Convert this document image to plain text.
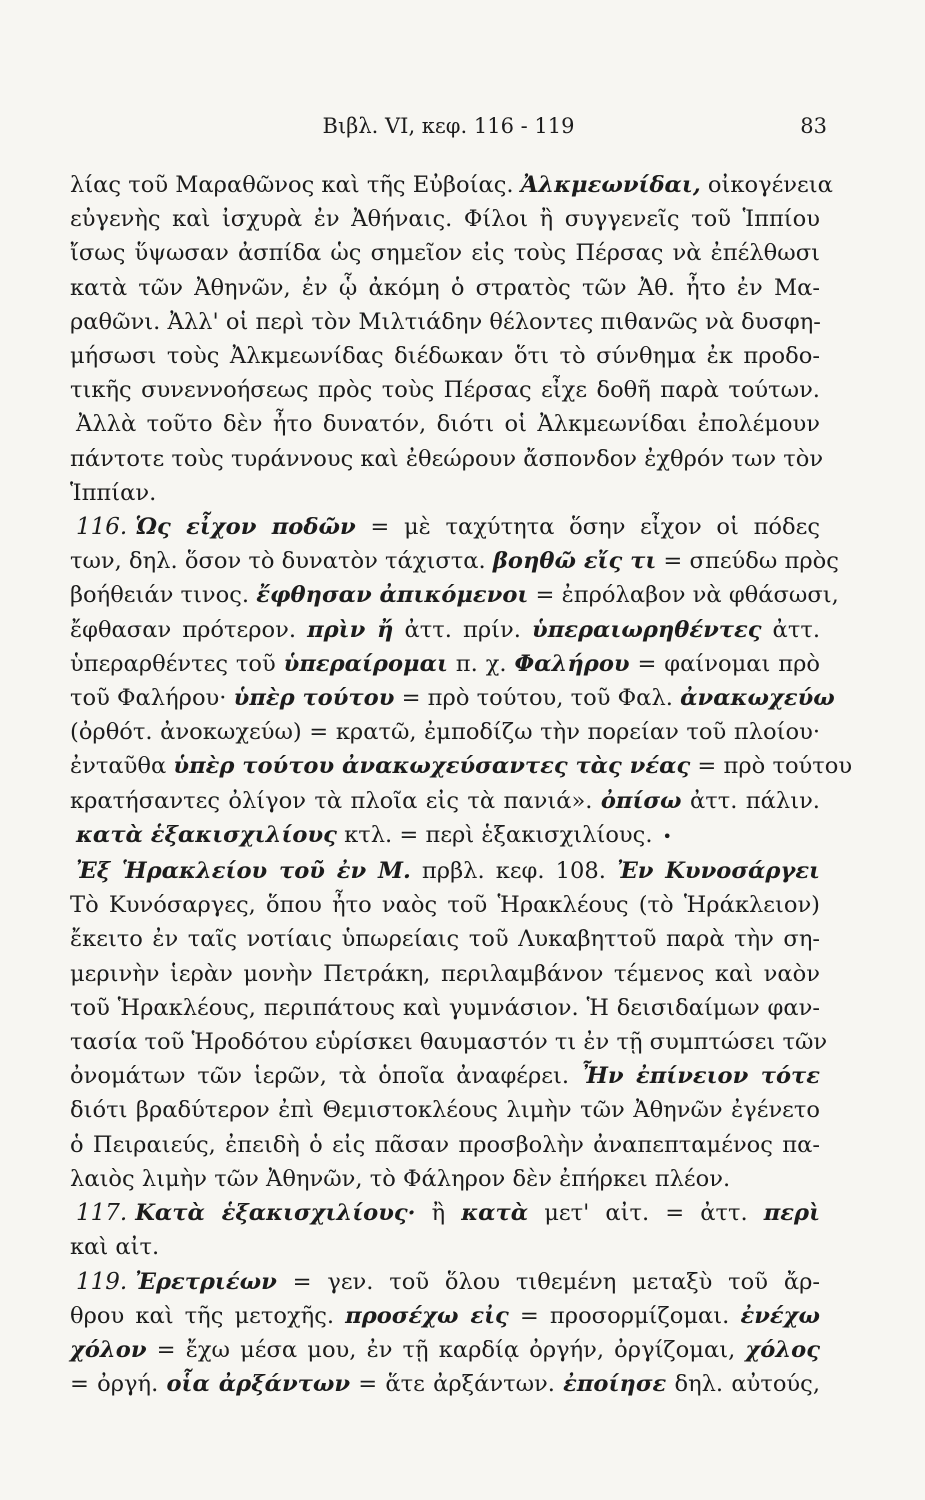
Βιβλ. VI, κεφ. 116 - 119	83
λίας τοῦ Μαραθῶνος καὶ τῆς Εὐβοίας. Ἀλκμεωνίδαι, οἰκογένεια
εὐγενὴς καὶ ἰσχυρὰ ἐν Ἀθήναις. Φίλοι ἢ συγγενεῖς τοῦ Ἱππίου
ἴσως ὕψωσαν ἀσπίδα ὡς σημεῖον εἰς τοὺς Πέρσας νὰ ἐπέλθωσι
κατὰ τῶν Ἀθηνῶν, ἐν ᾧ ἀκόμη ὁ στρατὸς τῶν Ἀθ. ἦτο ἐν Μα-
ραθῶνι. Ἀλλ' οἱ περὶ τὸν Μιλτιάδην θέλοντες πιθανῶς νὰ δυσφη-
μήσωσι τοὺς Ἀλκμεωνίδας διέδωκαν ὅτι τὸ σύνθημα ἐκ προδο-
τικῆς συνεννοήσεως πρὸς τοὺς Πέρσας εἶχε δοθῆ παρὰ τούτων.
Ἀλλὰ τοῦτο δὲν ἦτο δυνατόν, διότι οἱ Ἀλκμεωνίδαι ἐπολέμουν
πάντοτε τοὺς τυράννους καὶ ἐθεώρουν ἄσπονδον ἐχθρόν των τὸν
Ἱππίαν.
116. Ὡς εἶχον ποδῶν = μὲ ταχύτητα ὅσην εἶχον οἱ πόδες
των, δηλ. ὅσον τὸ δυνατὸν τάχιστα. βοηθῶ εἴς τι = σπεύδω πρὸς
βοήθειάν τινος. ἔφθησαν ἀπικόμενοι = ἐπρόλαβον νὰ φθάσωσι,
ἔφθασαν πρότερον. πρὶν ἤ ἀττ. πρίν. ὑπεραιωρηθέντες ἀττ.
ὑπεραρθέντες τοῦ ὑπεραίρομαι π. χ. Φαλήρου = φαίνομαι πρὸ
τοῦ Φαλήρου· ὑπὲρ τούτου = πρὸ τούτου, τοῦ Φαλ. ἀνακωχεύω
(ὀρθότ. ἀνοκωχεύω) = κρατῶ, ἐμποδίζω τὴν πορείαν τοῦ πλοίου·
ἐνταῦθα ὑπὲρ τούτου ἀνακωχεύσαντες τὰς νέας = πρὸ τούτου
κρατήσαντες ὀλίγον τὰ πλοῖα εἰς τὰ πανιά». ὀπίσω ἀττ. πάλιν.
κατὰ ἑξακισχιλίους κτλ. = περὶ ἑξακισχιλίους. •
Ἐξ Ἡρακλείου τοῦ ἐν Μ. πρβλ. κεφ. 108. Ἐν Κυνοσάργει
Τὸ Κυνόσαργες, ὅπου ἦτο ναὸς τοῦ Ἡρακλέους (τὸ Ἡράκλειον)
ἔκειτο ἐν ταῖς νοτίαις ὑπωρείαις τοῦ Λυκαβηττοῦ παρὰ τὴν ση-
μερινὴν ἱερὰν μονὴν Πετράκη, περιλαμβάνον τέμενος καὶ ναὸν
τοῦ Ἡρακλέους, περιπάτους καὶ γυμνάσιον. Ἡ δεισιδαίμων φαν-
τασία τοῦ Ἡροδότου εὑρίσκει θαυμαστόν τι ἐν τῇ συμπτώσει τῶν
ὀνομάτων τῶν ἱερῶν, τὰ ὁποῖα ἀναφέρει. Ἦν ἐπίνειον τότε
διότι βραδύτερον ἐπὶ Θεμιστοκλέους λιμὴν τῶν Ἀθηνῶν ἐγένετο
ὁ Πειραιεύς, ἐπειδὴ ὁ εἰς πᾶσαν προσβολὴν ἀναπεπταμένος πα-
λαιὸς λιμὴν τῶν Ἀθηνῶν, τὸ Φάληρον δὲν ἐπήρκει πλέον.
117. Κατὰ ἑξακισχιλίους· ἢ κατὰ μετ' αἰτ. = ἀττ. περὶ
καὶ αἰτ.
119. Ἐρετριέων = γεν. τοῦ ὅλου τιθεμένη μεταξὺ τοῦ ἄρ-
θρου καὶ τῆς μετοχῆς. προσέχω εἰς = προσορμίζομαι. ἐνέχω
χόλον = ἔχω μέσα μου, ἐν τῇ καρδίᾳ ὀργήν, ὀργίζομαι, χόλος
= ὀργή. οἷα ἀρξάντων = ἅτε ἀρξάντων. ἐποίησε δηλ. αὐτούς,
